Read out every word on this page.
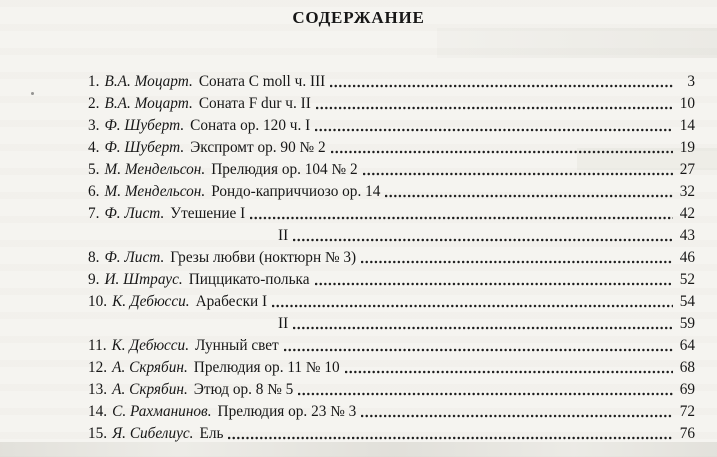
СОДЕРЖАНИЕ
1. В.А. Моцарт. Соната C moll ч. III	3
2. В.А. Моцарт. Соната F dur ч. II	10
3. Ф. Шуберт. Соната op. 120 ч. I	14
4. Ф. Шуберт. Экспромт op. 90 № 2	19
5. М. Мендельсон. Прелюдия op. 104 № 2	27
6. М. Мендельсон. Рондо-каприччиозо op. 14	32
7. Ф. Лист. Утешение I	42
II	43
8. Ф. Лист. Грезы любви (ноктюрн № 3)	46
9. И. Штраус. Пиццикато-полька	52
10. К. Дебюсси. Арабески I	54
II	59
11. К. Дебюсси. Лунный свет	64
12. А. Скрябин. Прелюдия op. 11 № 10	68
13. А. Скрябин. Этюд op. 8 № 5	69
14. С. Рахманинов. Прелюдия op. 23 № 3	72
15. Я. Сибелиус. Ель	76
